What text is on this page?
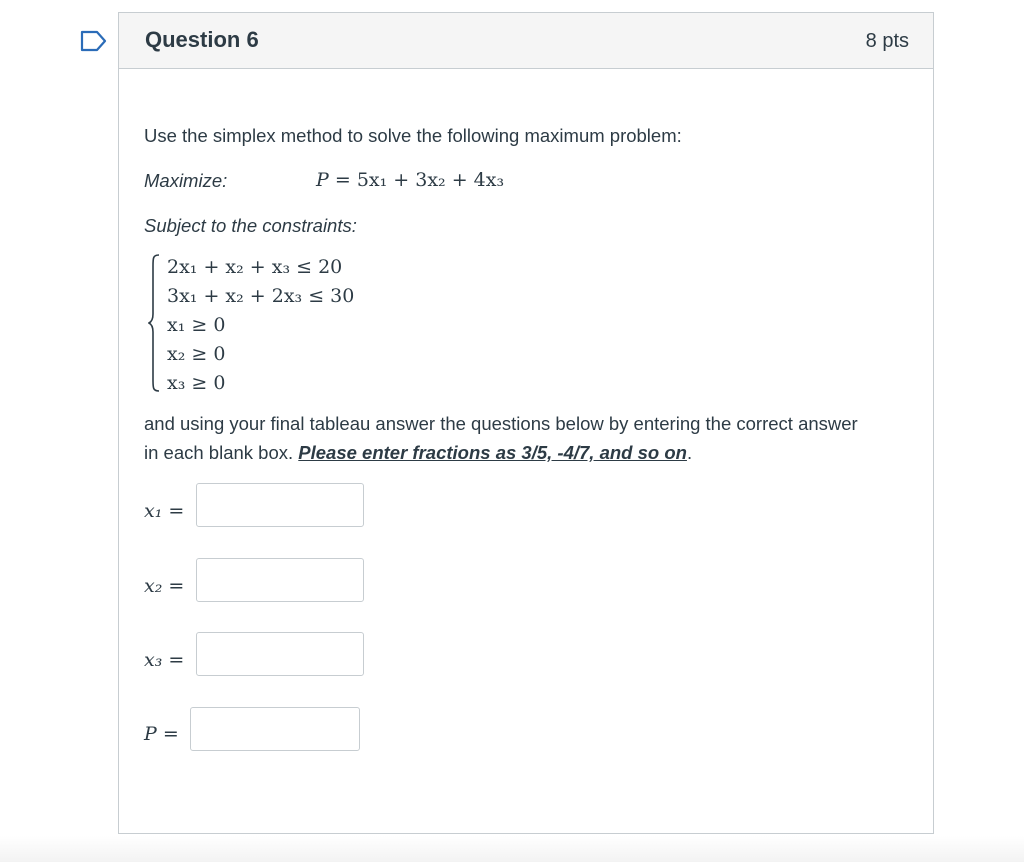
Question 6	8 pts
Use the simplex method to solve the following maximum problem:
Maximize:	P = 5x₁ + 3x₂ + 4x₃
Subject to the constraints:
2x₁ + x₂ + x₃ ≤ 20
3x₁ + x₂ + 2x₃ ≤ 30
x₁ ≥ 0
x₂ ≥ 0
x₃ ≥ 0
and using your final tableau answer the questions below by entering the correct answer
in each blank box. Please enter fractions as 3/5, -4/7, and so on.
x₁ =
x₂ =
x₃ =
P =
